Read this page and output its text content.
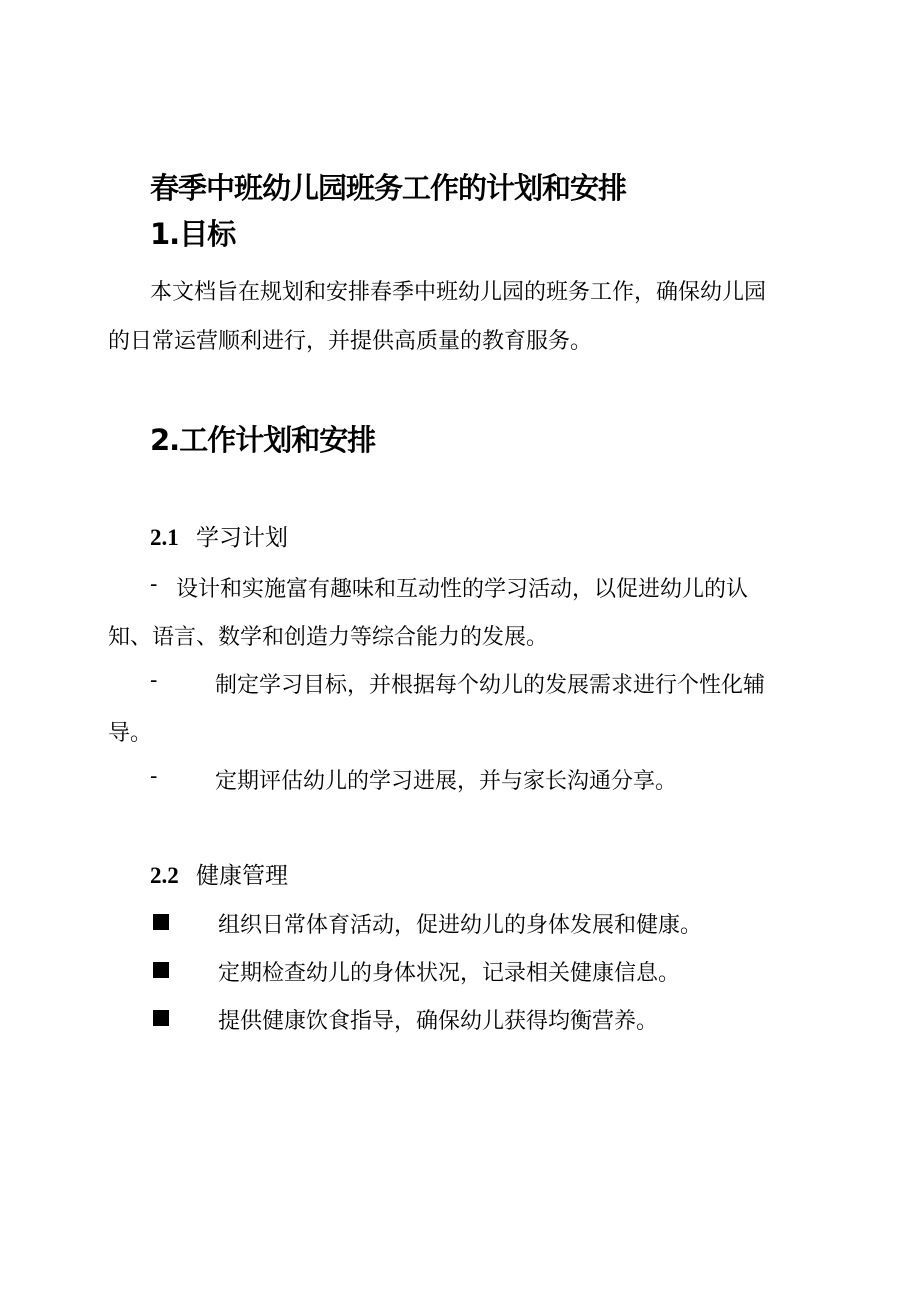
春季中班幼儿园班务工作的计划和安排
1.目标

本文档旨在规划和安排春季中班幼儿园的班务工作，确保幼儿园
的日常运营顺利进行，并提供高质量的教育服务。

2.工作计划和安排
2.1 学习计划
- 设计和实施富有趣味和互动性的学习活动，以促进幼儿的认
知、语言、数学和创造力等综合能力的发展。
-	制定学习目标，并根据每个幼儿的发展需求进行个性化辅
导。
-	定期评估幼儿的学习进展，并与家长沟通分享。
2.2 健康管理
组织日常体育活动，促进幼儿的身体发展和健康。
定期检查幼儿的身体状况，记录相关健康信息。
提供健康饮食指导，确保幼儿获得均衡营养。
